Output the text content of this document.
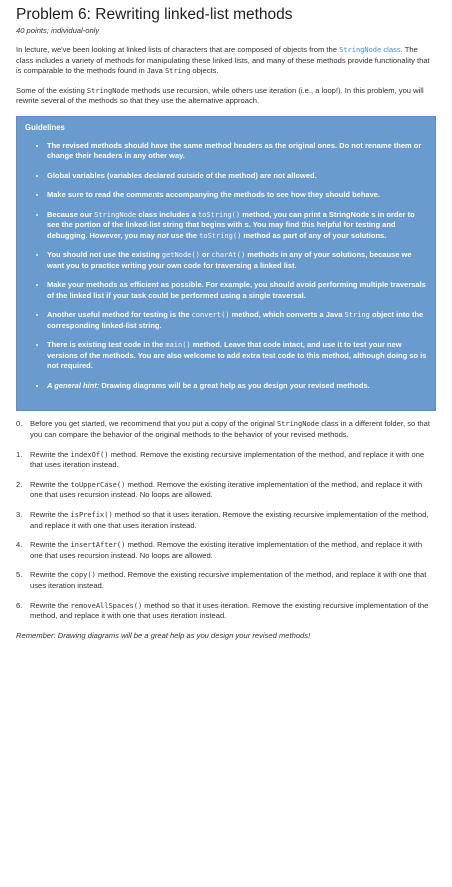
Problem 6: Rewriting linked-list methods
40 points; individual-only

In lecture, we've been looking at linked lists of characters that are composed of objects from the StringNode class. The class includes a variety of methods for manipulating these linked lists, and many of these methods provide functionality that is comparable to the methods found in Java String objects.

Some of the existing StringNode methods use recursion, while others use iteration (i.e., a loop!). In this problem, you will rewrite several of the methods so that they use the alternative approach.

Guidelines
• The revised methods should have the same method headers as the original ones. Do not rename them or change their headers in any other way.
• Global variables (variables declared outside of the method) are not allowed.
• Make sure to read the comments accompanying the methods to see how they should behave.
• Because our StringNode class includes a toString() method, you can print a StringNode s in order to see the portion of the linked-list string that begins with s. You may find this helpful for testing and debugging. However, you may not use the toString() method as part of any of your solutions.
• You should not use the existing getNode() or charAt() methods in any of your solutions, because we want you to practice writing your own code for traversing a linked list.
• Make your methods as efficient as possible. For example, you should avoid performing multiple traversals of the linked list if your task could be performed using a single traversal.
• Another useful method for testing is the convert() method, which converts a Java String object into the corresponding linked-list string.
• There is existing test code in the main() method. Leave that code intact, and use it to test your new versions of the methods. You are also welcome to add extra test code to this method, although doing so is not required.
• A general hint: Drawing diagrams will be a great help as you design your revised methods.
0.	Before you get started, we recommend that you put a copy of the original StringNode class in a different folder, so that you can compare the behavior of the original methods to the behavior of your revised methods.
1.	Rewrite the indexOf() method. Remove the existing recursive implementation of the method, and replace it with one that uses iteration instead.
2.	Rewrite the toUpperCase() method. Remove the existing iterative implementation of the method, and replace it with one that uses recursion instead. No loops are allowed.
3.	Rewrite the isPrefix() method so that it uses iteration. Remove the existing recursive implementation of the method, and replace it with one that uses iteration instead.
4.	Rewrite the insertAfter() method. Remove the existing iterative implementation of the method, and replace it with one that uses recursion instead. No loops are allowed.
5.	Rewrite the copy() method. Remove the existing recursive implementation of the method, and replace it with one that uses iteration instead.
6.	Rewrite the removeAllSpaces() method so that it uses iteration. Remove the existing recursive implementation of the method, and replace it with one that uses iteration instead.

Remember: Drawing diagrams will be a great help as you design your revised methods!
